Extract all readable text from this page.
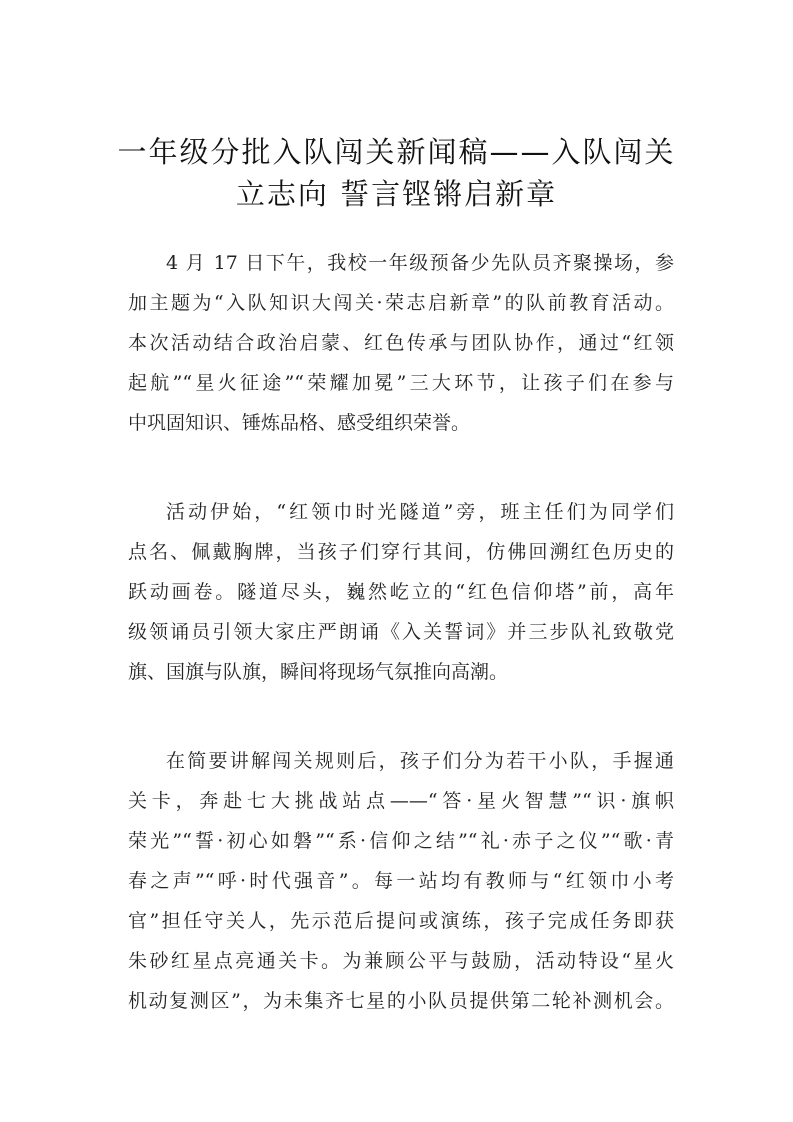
一年级分批入队闯关新闻稿——入队闯关
立志向 誓言铿锵启新章
4 月 17 日下午，我校一年级预备少先队员齐聚操场，参
加主题为“入队知识大闯关·荣志启新章”的队前教育活动。
本次活动结合政治启蒙、红色传承与团队协作，通过“红领
起航”“星火征途”“荣耀加冕”三大环节，让孩子们在参与
中巩固知识、锤炼品格、感受组织荣誉。
活动伊始，“红领巾时光隧道”旁，班主任们为同学们
点名、佩戴胸牌，当孩子们穿行其间，仿佛回溯红色历史的
跃动画卷。隧道尽头，巍然屹立的“红色信仰塔”前，高年
级领诵员引领大家庄严朗诵《入关誓词》并三步队礼致敬党
旗、国旗与队旗，瞬间将现场气氛推向高潮。
在简要讲解闯关规则后，孩子们分为若干小队，手握通
关卡，奔赴七大挑战站点——“答·星火智慧”“识·旗帜
荣光”“誓·初心如磐”“系·信仰之结”“礼·赤子之仪”“歌·青
春之声”“呼·时代强音”。每一站均有教师与“红领巾小考
官”担任守关人，先示范后提问或演练，孩子完成任务即获
朱砂红星点亮通关卡。为兼顾公平与鼓励，活动特设“星火
机动复测区”，为未集齐七星的小队员提供第二轮补测机会。
